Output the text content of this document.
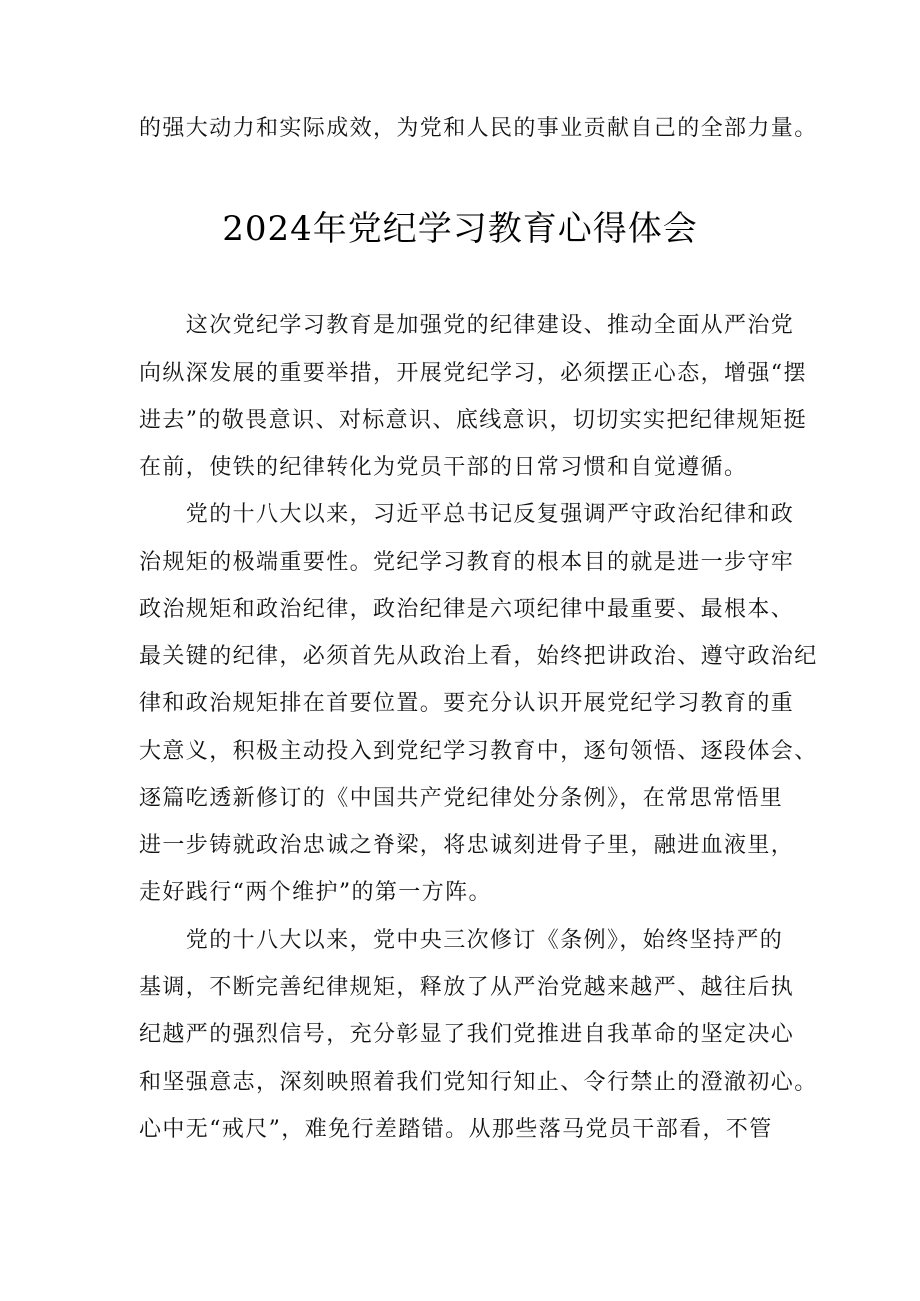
的强大动力和实际成效，为党和人民的事业贡献自己的全部力量。
2024年党纪学习教育心得体会
　　这次党纪学习教育是加强党的纪律建设、推动全面从严治党
向纵深发展的重要举措，开展党纪学习，必须摆正心态，增强“摆
进去”的敬畏意识、对标意识、底线意识，切切实实把纪律规矩挺
在前，使铁的纪律转化为党员干部的日常习惯和自觉遵循。
　　党的十八大以来，习近平总书记反复强调严守政治纪律和政
治规矩的极端重要性。党纪学习教育的根本目的就是进一步守牢
政治规矩和政治纪律，政治纪律是六项纪律中最重要、最根本、
最关键的纪律，必须首先从政治上看，始终把讲政治、遵守政治纪
律和政治规矩排在首要位置。要充分认识开展党纪学习教育的重
大意义，积极主动投入到党纪学习教育中，逐句领悟、逐段体会、
逐篇吃透新修订的《中国共产党纪律处分条例》，在常思常悟里
进一步铸就政治忠诚之脊梁，将忠诚刻进骨子里，融进血液里，
走好践行“两个维护”的第一方阵。
　　党的十八大以来，党中央三次修订《条例》，始终坚持严的
基调，不断完善纪律规矩，释放了从严治党越来越严、越往后执
纪越严的强烈信号，充分彰显了我们党推进自我革命的坚定决心
和坚强意志，深刻映照着我们党知行知止、令行禁止的澄澈初心。
心中无“戒尺”，难免行差踏错。从那些落马党员干部看，不管
